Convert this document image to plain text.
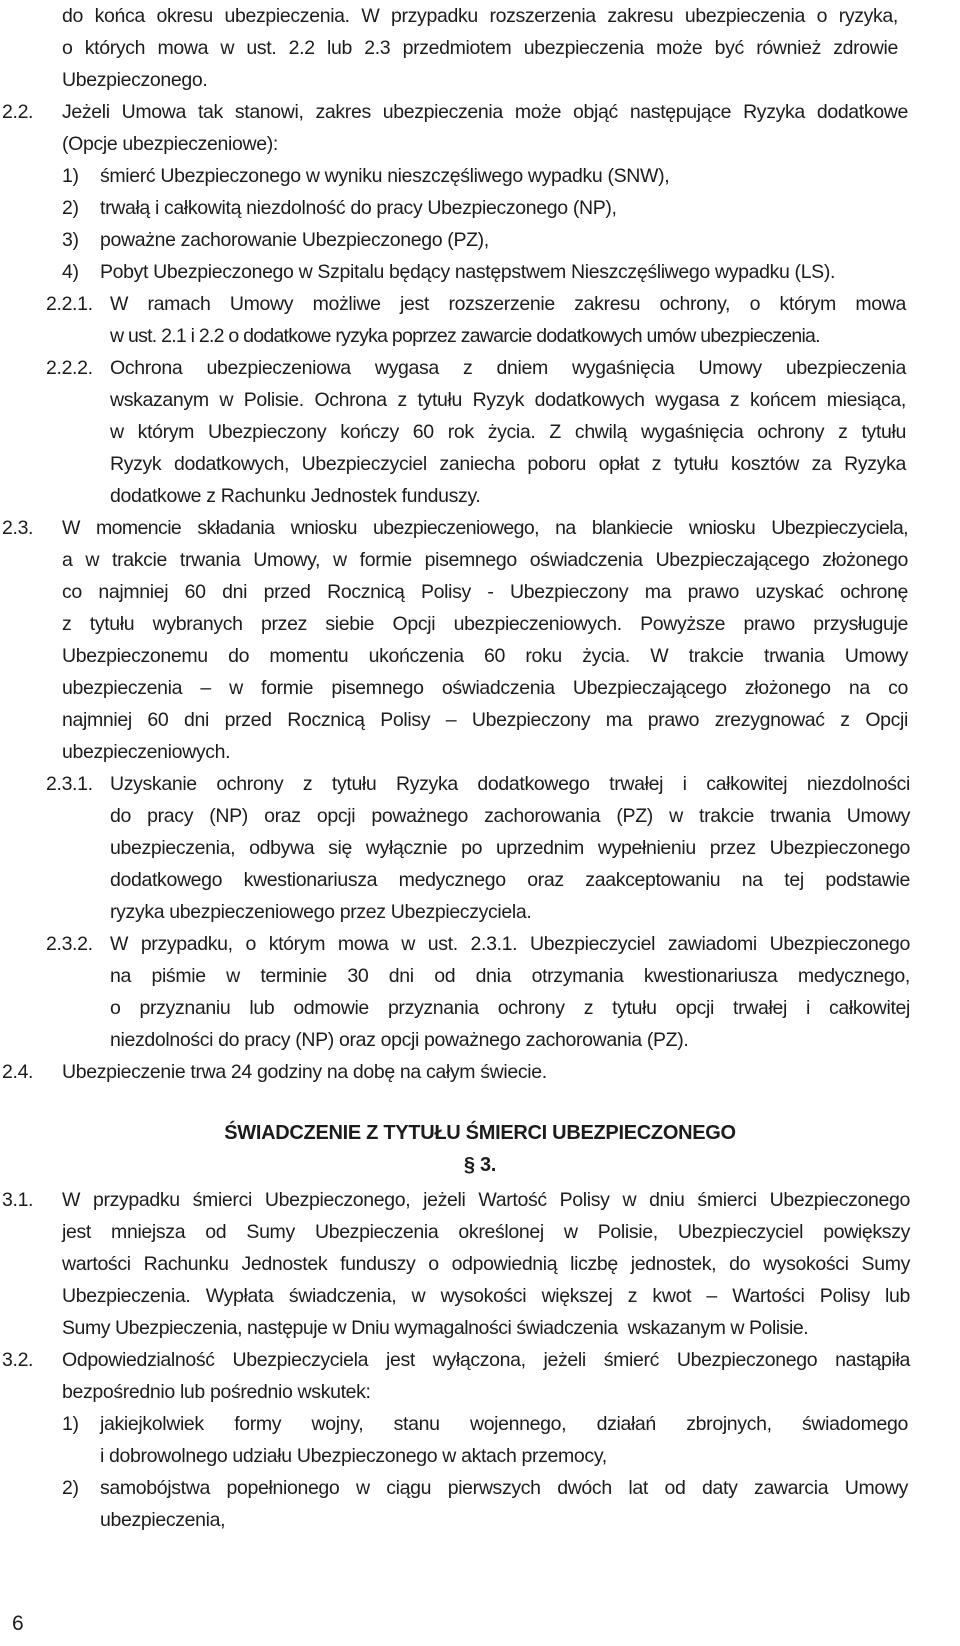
do końca okresu ubezpieczenia. W przypadku rozszerzenia zakresu ubezpieczenia o ryzyka,
o których mowa w ust. 2.2 lub 2.3 przedmiotem ubezpieczenia może być również zdrowie
Ubezpieczonego.
2.2. Jeżeli Umowa tak stanowi, zakres ubezpieczenia może objąć następujące Ryzyka dodatkowe
(Opcje ubezpieczeniowe):
1) śmierć Ubezpieczonego w wyniku nieszczęśliwego wypadku (SNW),
2) trwałą i całkowitą niezdolność do pracy Ubezpieczonego (NP),
3) poważne zachorowanie Ubezpieczonego (PZ),
4) Pobyt Ubezpieczonego w Szpitalu będący następstwem Nieszczęśliwego wypadku (LS).
2.2.1. W ramach Umowy możliwe jest rozszerzenie zakresu ochrony, o którym mowa
w ust. 2.1 i 2.2 o dodatkowe ryzyka poprzez zawarcie dodatkowych umów ubezpieczenia.
2.2.2. Ochrona ubezpieczeniowa wygasa z dniem wygaśnięcia Umowy ubezpieczenia
wskazanym w Polisie. Ochrona z tytułu Ryzyk dodatkowych wygasa z końcem miesiąca,
w którym Ubezpieczony kończy 60 rok życia. Z chwilą wygaśnięcia ochrony z tytułu
Ryzyk dodatkowych, Ubezpieczyciel zaniecha poboru opłat z tytułu kosztów za Ryzyka
dodatkowe z Rachunku Jednostek funduszy.
2.3. W momencie składania wniosku ubezpieczeniowego, na blankiecie wniosku Ubezpieczyciela,
a w trakcie trwania Umowy, w formie pisemnego oświadczenia Ubezpieczającego złożonego
co najmniej 60 dni przed Rocznicą Polisy - Ubezpieczony ma prawo uzyskać ochronę
z tytułu wybranych przez siebie Opcji ubezpieczeniowych. Powyższe prawo przysługuje
Ubezpieczonemu do momentu ukończenia 60 roku życia. W trakcie trwania Umowy
ubezpieczenia – w formie pisemnego oświadczenia Ubezpieczającego złożonego na co
najmniej 60 dni przed Rocznicą Polisy – Ubezpieczony ma prawo zrezygnować z Opcji
ubezpieczeniowych.
2.3.1. Uzyskanie ochrony z tytułu Ryzyka dodatkowego trwałej i całkowitej niezdolności
do pracy (NP) oraz opcji poważnego zachorowania (PZ) w trakcie trwania Umowy
ubezpieczenia, odbywa się wyłącznie po uprzednim wypełnieniu przez Ubezpieczonego
dodatkowego kwestionariusza medycznego oraz zaakceptowaniu na tej podstawie
ryzyka ubezpieczeniowego przez Ubezpieczyciela.
2.3.2. W przypadku, o którym mowa w ust. 2.3.1. Ubezpieczyciel zawiadomi Ubezpieczonego
na piśmie w terminie 30 dni od dnia otrzymania kwestionariusza medycznego,
o przyznaniu lub odmowie przyznania ochrony z tytułu opcji trwałej i całkowitej
niezdolności do pracy (NP) oraz opcji poważnego zachorowania (PZ).
2.4. Ubezpieczenie trwa 24 godziny na dobę na całym świecie.
ŚWIADCZENIE Z TYTUŁU ŚMIERCI UBEZPIECZONEGO
§ 3.
3.1. W przypadku śmierci Ubezpieczonego, jeżeli Wartość Polisy w dniu śmierci Ubezpieczonego
jest mniejsza od Sumy Ubezpieczenia określonej w Polisie, Ubezpieczyciel powiększy
wartości Rachunku Jednostek funduszy o odpowiednią liczbę jednostek, do wysokości Sumy
Ubezpieczenia. Wypłata świadczenia, w wysokości większej z kwot – Wartości Polisy lub
Sumy Ubezpieczenia, następuje w Dniu wymagalności świadczenia  wskazanym w Polisie.
3.2. Odpowiedzialność Ubezpieczyciela jest wyłączona, jeżeli śmierć Ubezpieczonego nastąpiła
bezpośrednio lub pośrednio wskutek:
1) jakiejkolwiek formy wojny, stanu wojennego, działań zbrojnych, świadomego
i dobrowolnego udziału Ubezpieczonego w aktach przemocy,
2) samobójstwa popełnionego w ciągu pierwszych dwóch lat od daty zawarcia Umowy
ubezpieczenia,
6
